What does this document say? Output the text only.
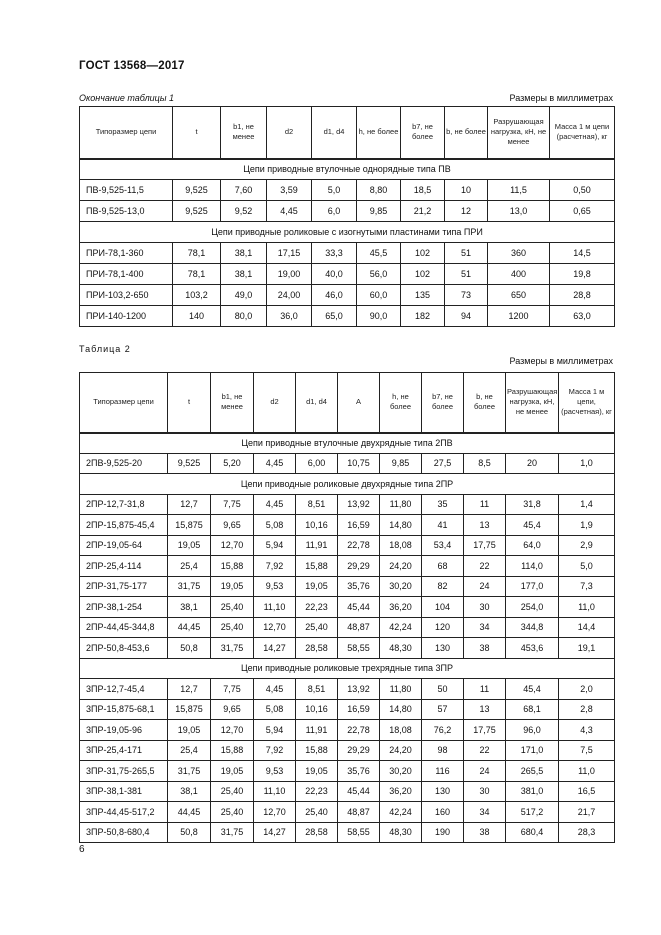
ГОСТ 13568—2017
Окончание таблицы 1	Размеры в миллиметрах
Типоразмер цепи	t	b1, не менее	d2	d1, d4	h, не более	b7, не более	b, не более	Разрушающая нагрузка, кН, не менее	Масса 1 м цепи (расчетная), кг
Цепи приводные втулочные однорядные типа ПВ									
ПВ-9,525-11,5	9,525	7,60	3,59	5,0	8,80	18,5	10	11,5	0,50
ПВ-9,525-13,0	9,525	9,52	4,45	6,0	9,85	21,2	12	13,0	0,65
Цепи приводные роликовые с изогнутыми пластинами типа ПРИ									
ПРИ-78,1-360	78,1	38,1	17,15	33,3	45,5	102	51	360	14,5
ПРИ-78,1-400	78,1	38,1	19,00	40,0	56,0	102	51	400	19,8
ПРИ-103,2-650	103,2	49,0	24,00	46,0	60,0	135	73	650	28,8
ПРИ-140-1200	140	80,0	36,0	65,0	90,0	182	94	1200	63,0
Таблица 2
Размеры в миллиметрах
Типоразмер цепи	t	b1, не менее	d2	d1, d4	A	h, не более	b7, не более	b, не более	Разрушающая нагрузка, кН, не менее	Масса 1 м цепи, (расчетная), кг
Цепи приводные втулочные двухрядные типа 2ПВ										
2ПВ-9,525-20	9,525	5,20	4,45	6,00	10,75	9,85	27,5	8,5	20	1,0
Цепи приводные роликовые двухрядные типа 2ПР										
2ПР-12,7-31,8	12,7	7,75	4,45	8,51	13,92	11,80	35	11	31,8	1,4
2ПР-15,875-45,4	15,875	9,65	5,08	10,16	16,59	14,80	41	13	45,4	1,9
2ПР-19,05-64	19,05	12,70	5,94	11,91	22,78	18,08	53,4	17,75	64,0	2,9
2ПР-25,4-114	25,4	15,88	7,92	15,88	29,29	24,20	68	22	114,0	5,0
2ПР-31,75-177	31,75	19,05	9,53	19,05	35,76	30,20	82	24	177,0	7,3
2ПР-38,1-254	38,1	25,40	11,10	22,23	45,44	36,20	104	30	254,0	11,0
2ПР-44,45-344,8	44,45	25,40	12,70	25,40	48,87	42,24	120	34	344,8	14,4
2ПР-50,8-453,6	50,8	31,75	14,27	28,58	58,55	48,30	130	38	453,6	19,1
Цепи приводные роликовые трехрядные типа 3ПР										
3ПР-12,7-45,4	12,7	7,75	4,45	8,51	13,92	11,80	50	11	45,4	2,0
3ПР-15,875-68,1	15,875	9,65	5,08	10,16	16,59	14,80	57	13	68,1	2,8
3ПР-19,05-96	19,05	12,70	5,94	11,91	22,78	18,08	76,2	17,75	96,0	4,3
3ПР-25,4-171	25,4	15,88	7,92	15,88	29,29	24,20	98	22	171,0	7,5
3ПР-31,75-265,5	31,75	19,05	9,53	19,05	35,76	30,20	116	24	265,5	11,0
3ПР-38,1-381	38,1	25,40	11,10	22,23	45,44	36,20	130	30	381,0	16,5
3ПР-44,45-517,2	44,45	25,40	12,70	25,40	48,87	42,24	160	34	517,2	21,7
3ПР-50,8-680,4	50,8	31,75	14,27	28,58	58,55	48,30	190	38	680,4	28,3
6
